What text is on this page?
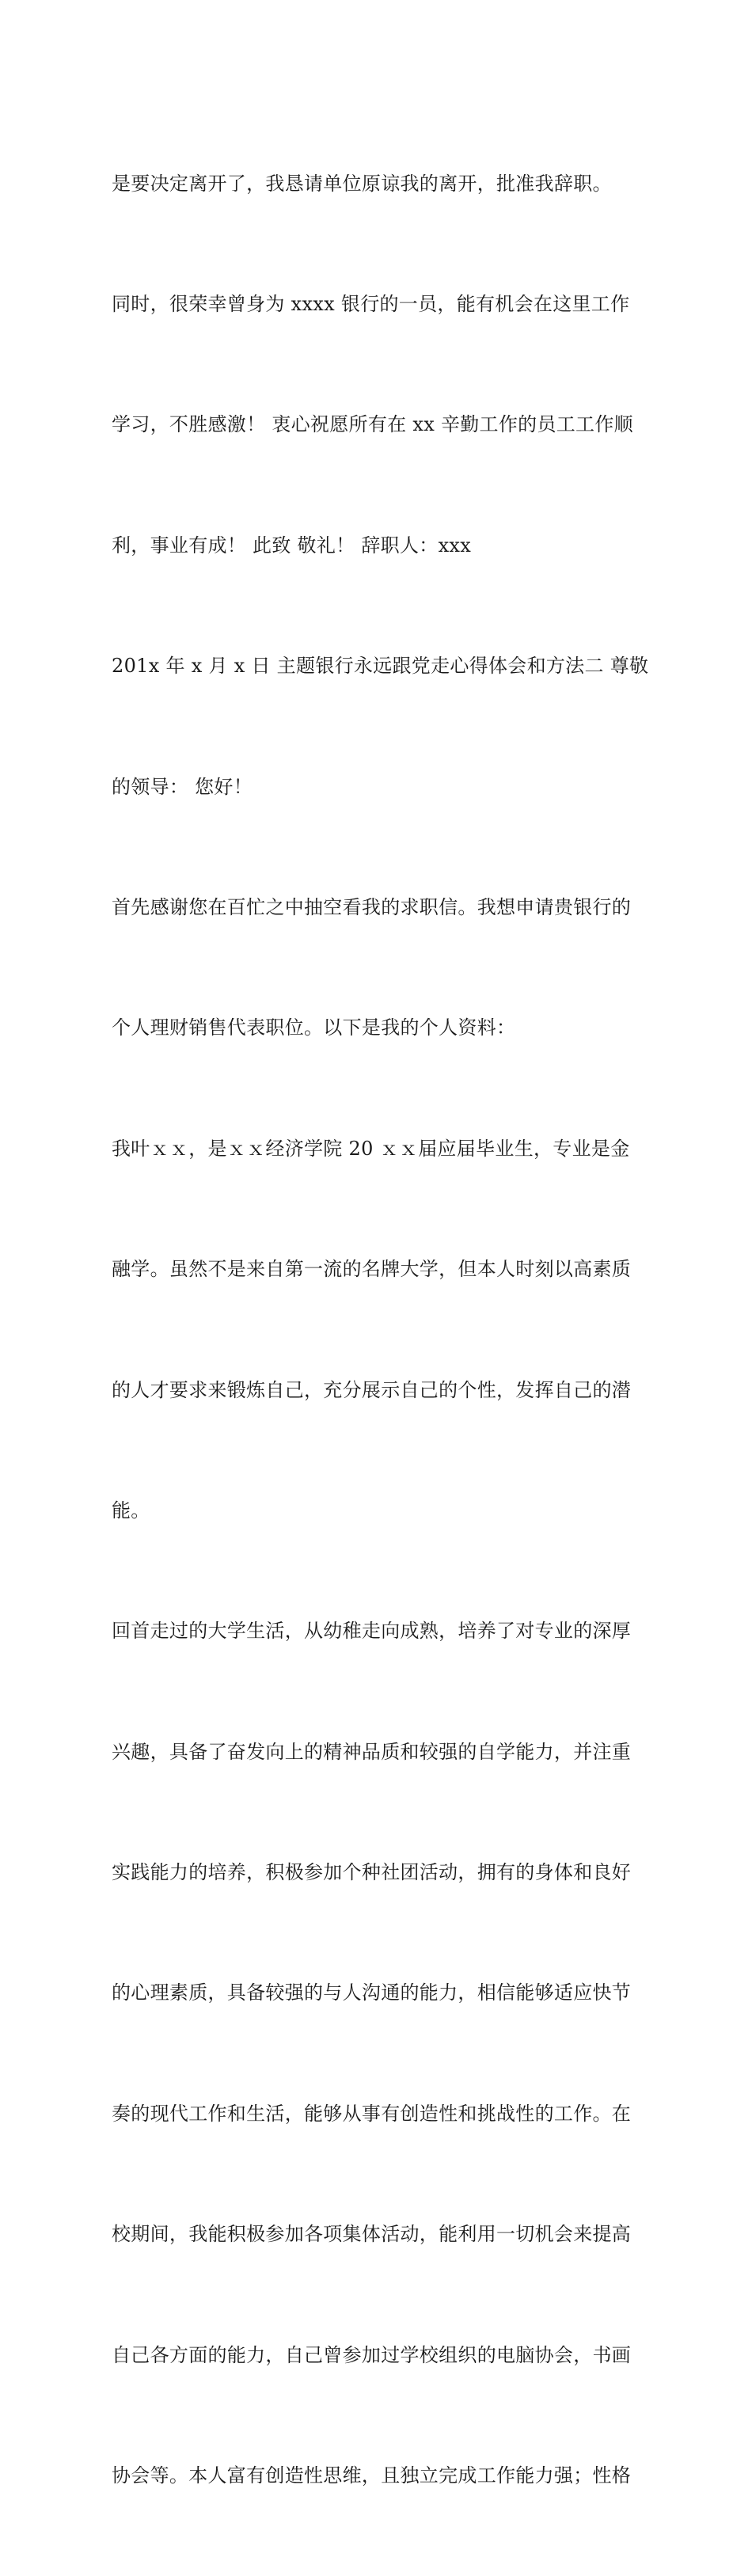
是要决定离开了，我恳请单位原谅我的离开，批准我辞职。

同时，很荣幸曾身为 xxxx 银行的一员，能有机会在这里工作

学习，不胜感激！ 衷心祝愿所有在 xx 辛勤工作的员工工作顺

利，事业有成！ 此致 敬礼！ 辞职人：xxx

201x 年 x 月 x 日 主题银行永远跟党走心得体会和方法二 尊敬

的领导： 您好！

首先感谢您在百忙之中抽空看我的求职信。我想申请贵银行的

个人理财销售代表职位。以下是我的个人资料：

我叶ｘｘ，是ｘｘ经济学院 20 ｘｘ届应届毕业生，专业是金

融学。虽然不是来自第一流的名牌大学，但本人时刻以高素质

的人才要求来锻炼自己，充分展示自己的个性，发挥自己的潜

能。

回首走过的大学生活，从幼稚走向成熟，培养了对专业的深厚

兴趣，具备了奋发向上的精神品质和较强的自学能力，并注重

实践能力的培养，积极参加个种社团活动，拥有的身体和良好

的心理素质，具备较强的与人沟通的能力，相信能够适应快节

奏的现代工作和生活，能够从事有创造性和挑战性的工作。在

校期间，我能积极参加各项集体活动，能利用一切机会来提高

自己各方面的能力，自己曾参加过学校组织的电脑协会，书画

协会等。本人富有创造性思维，且独立完成工作能力强；性格
